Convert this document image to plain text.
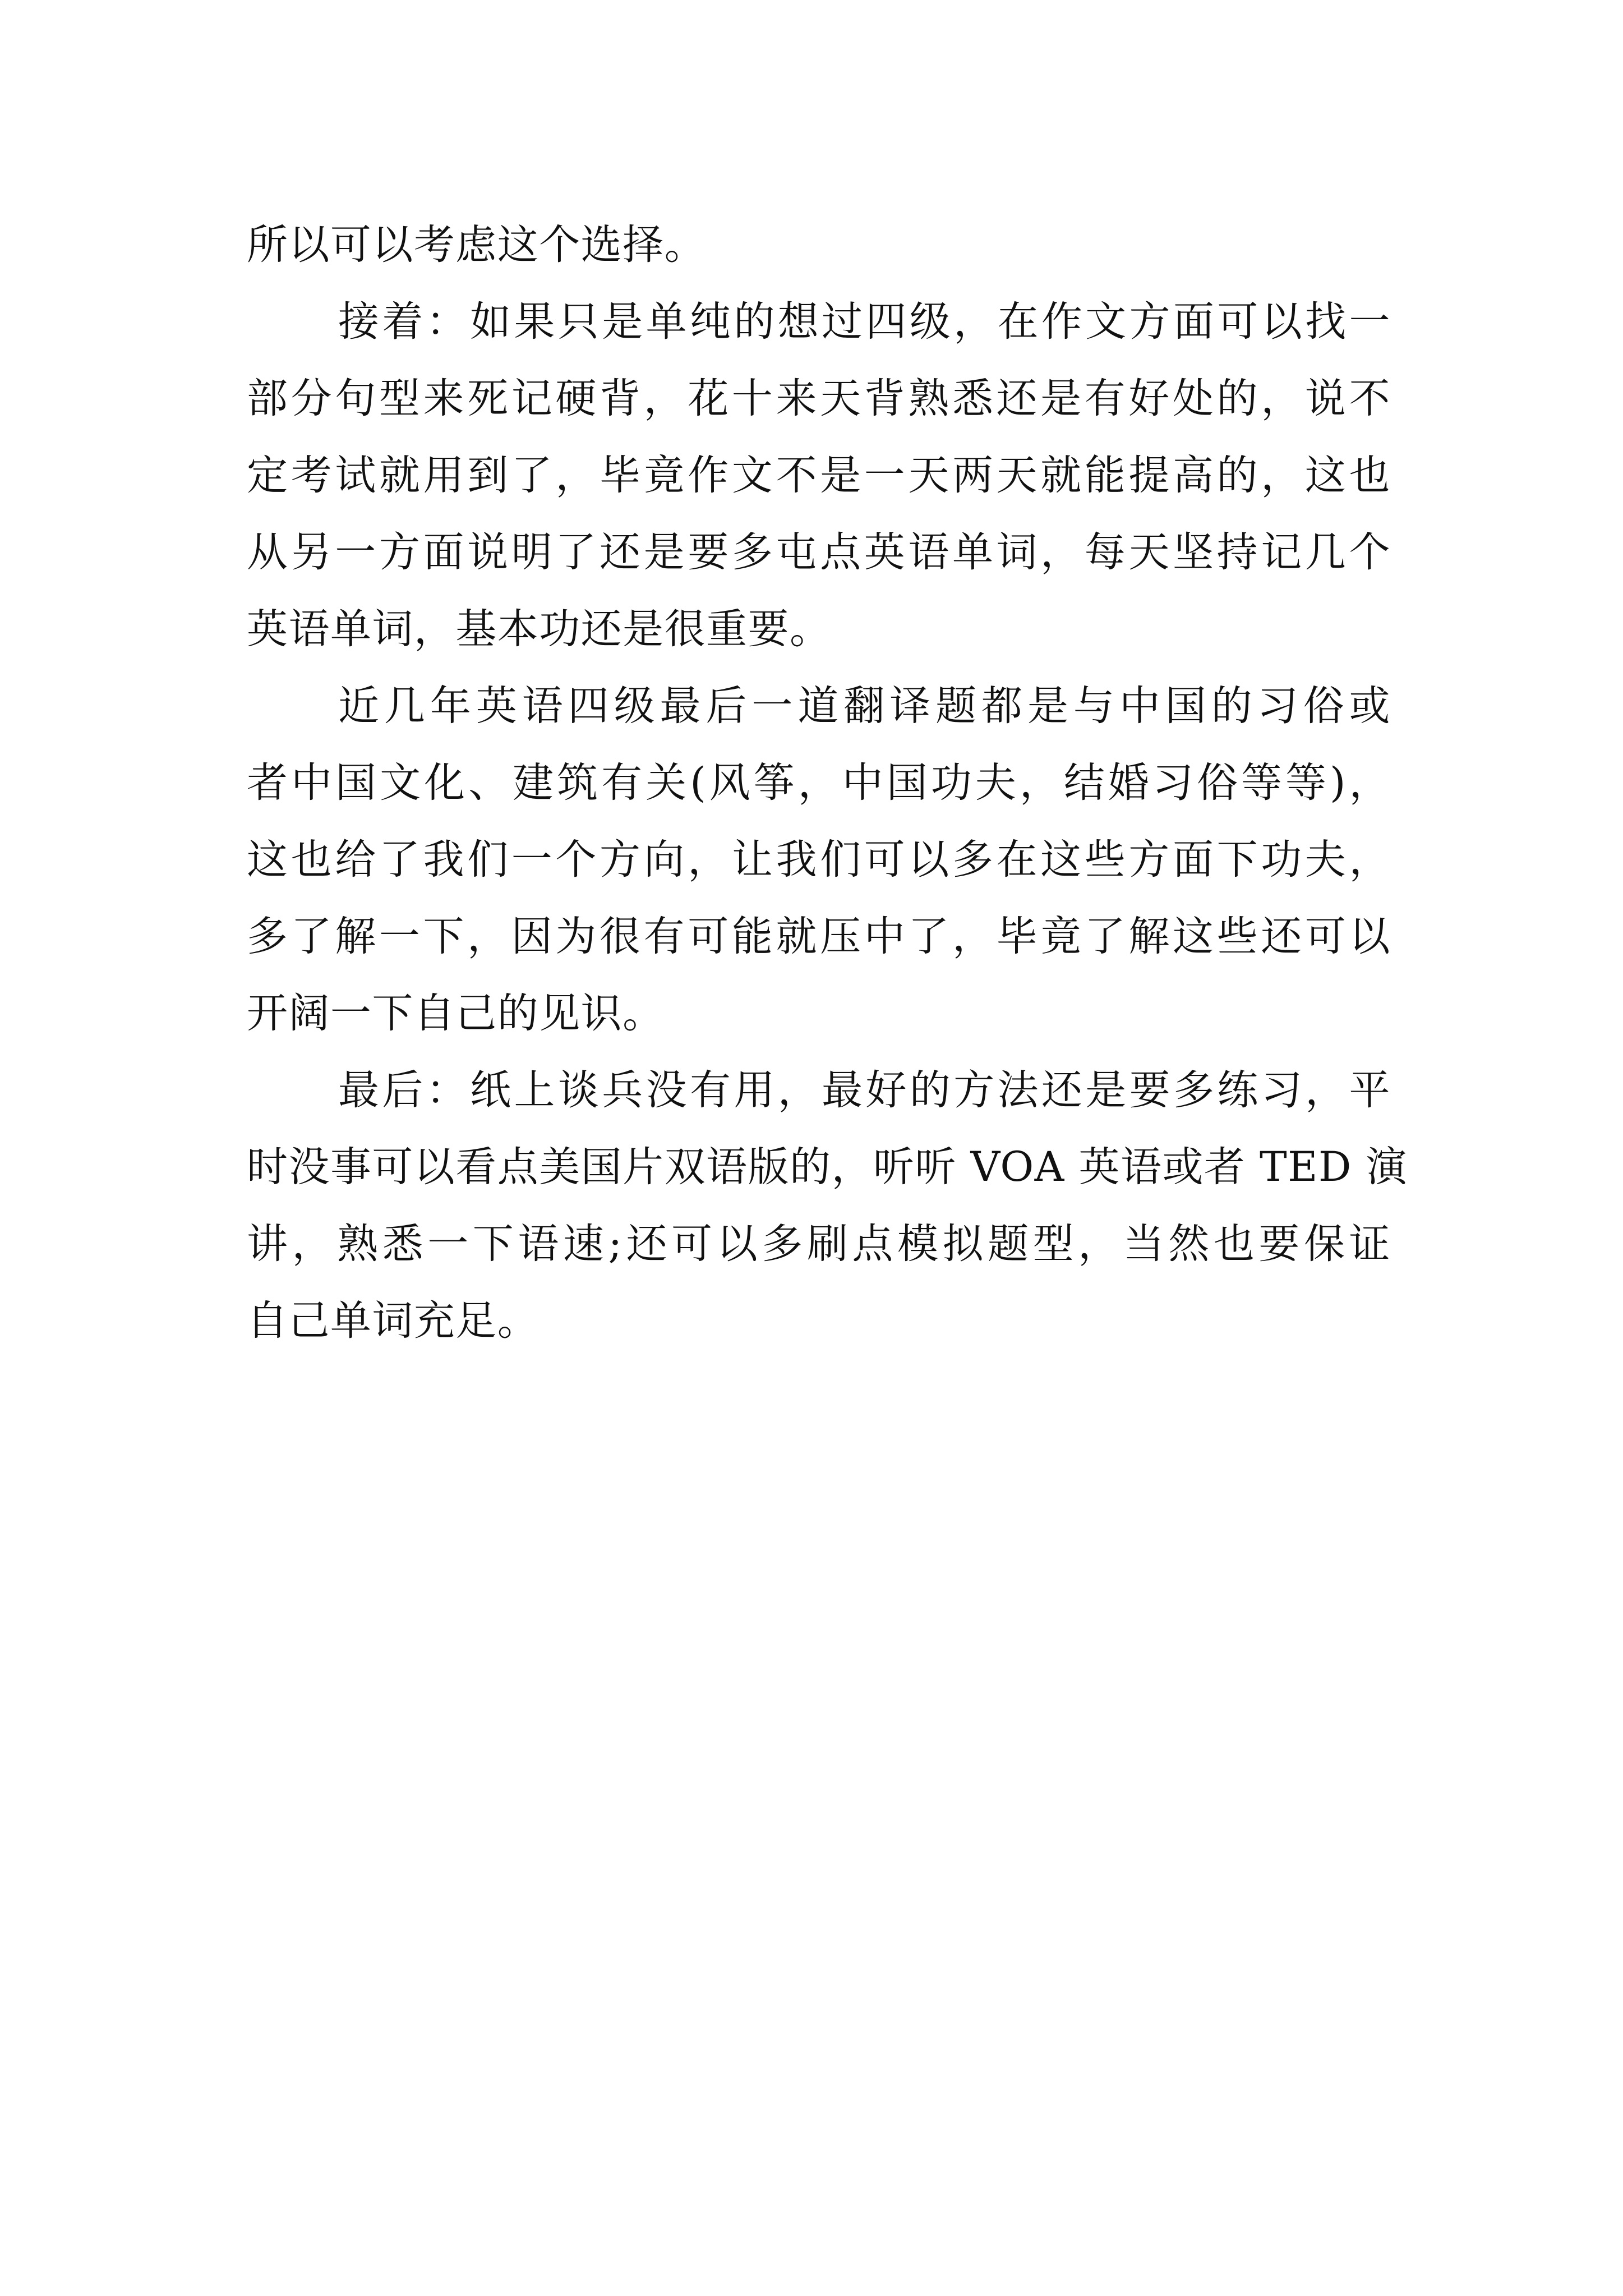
所以可以考虑这个选择。
接着：如果只是单纯的想过四级，在作文方面可以找一
部分句型来死记硬背，花十来天背熟悉还是有好处的，说不
定考试就用到了，毕竟作文不是一天两天就能提高的，这也
从另一方面说明了还是要多屯点英语单词，每天坚持记几个
英语单词，基本功还是很重要。
近几年英语四级最后一道翻译题都是与中国的习俗或
者中国文化、建筑有关(风筝，中国功夫，结婚习俗等等)，
这也给了我们一个方向，让我们可以多在这些方面下功夫，
多了解一下，因为很有可能就压中了，毕竟了解这些还可以
开阔一下自己的见识。
最后：纸上谈兵没有用，最好的方法还是要多练习，平
时没事可以看点美国片双语版的，听听 VOA 英语或者 TED 演
讲，熟悉一下语速;还可以多刷点模拟题型，当然也要保证
自己单词充足。
